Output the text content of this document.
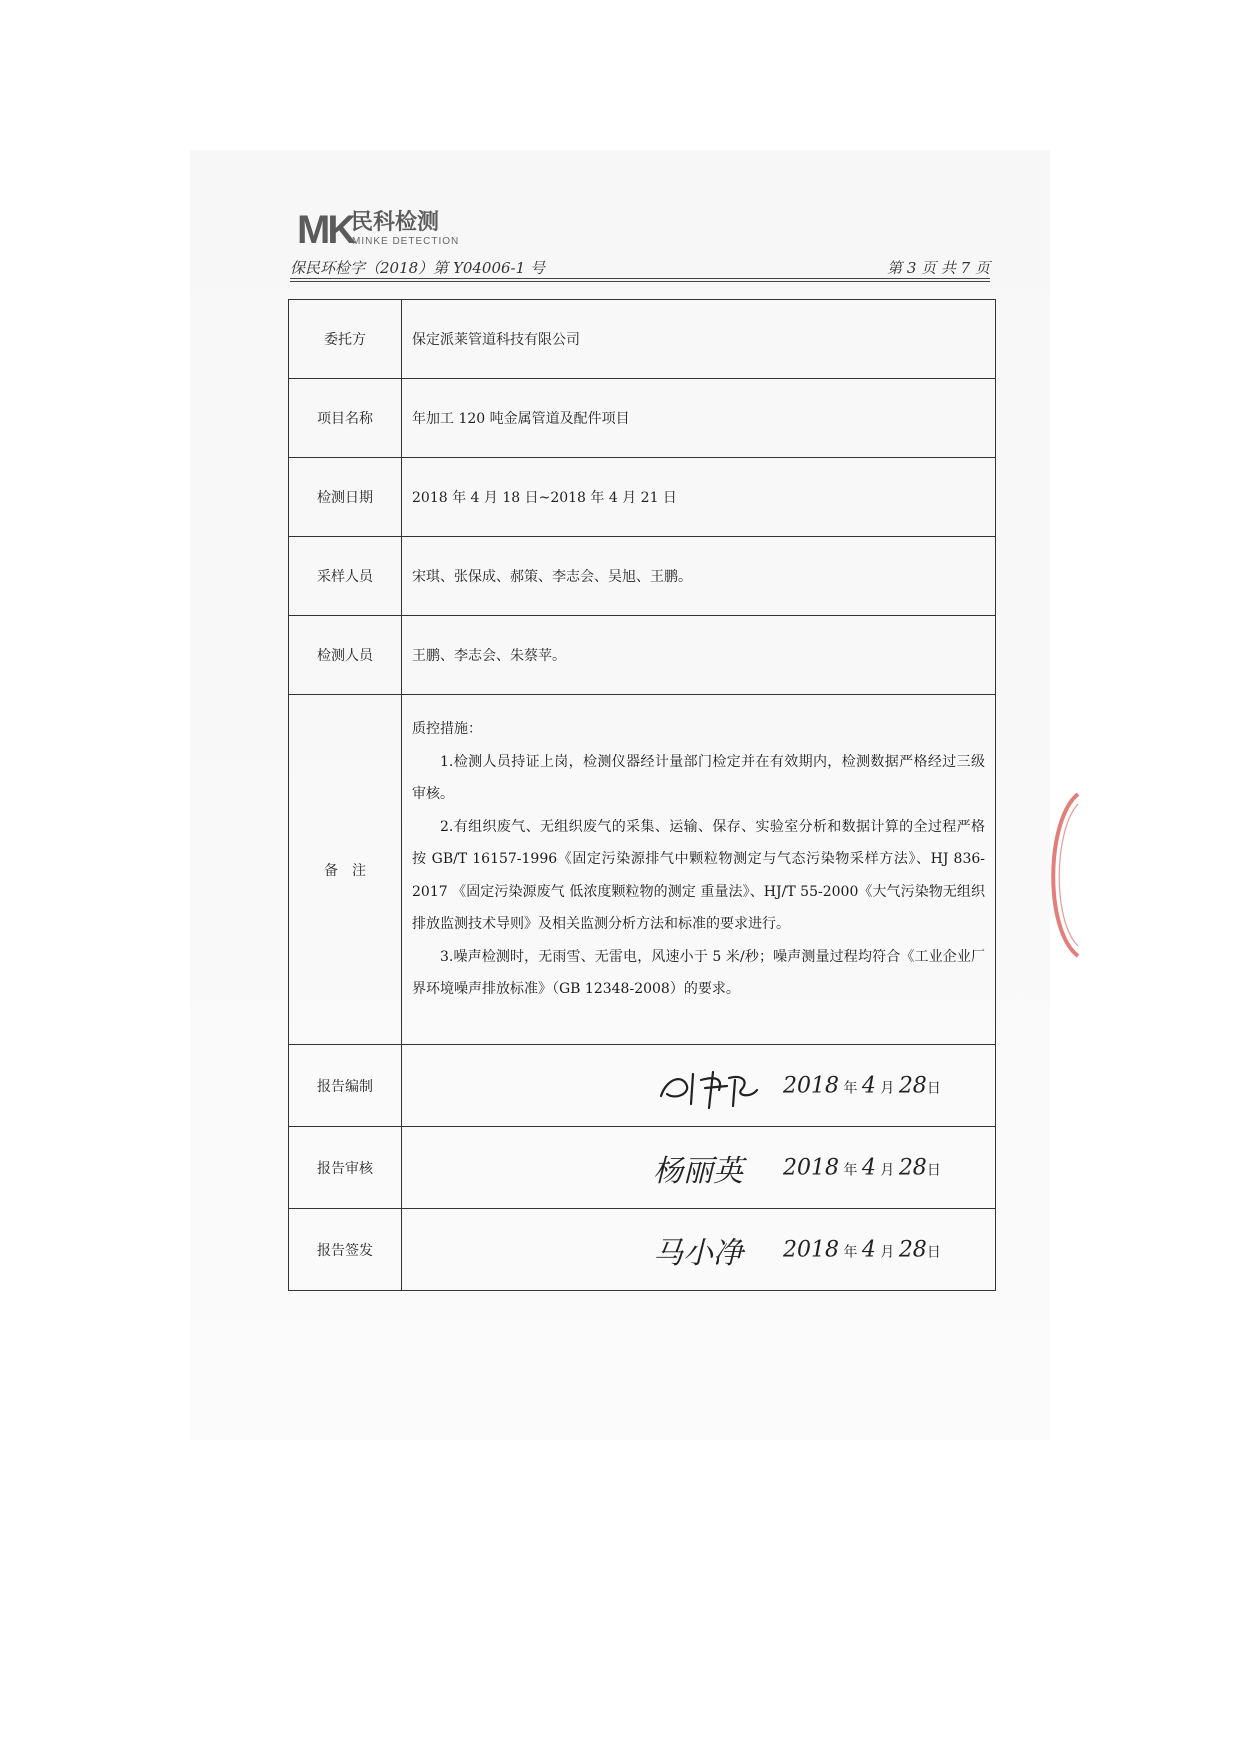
MK
民科检测
MINKE DETECTION
保民环检字（2018）第 Y04006-1 号	第 3 页 共 7 页
委托方	保定派莱管道科技有限公司
项目名称	年加工 120 吨金属管道及配件项目
检测日期	2018 年 4 月 18 日~2018 年 4 月 21 日
采样人员	宋琪、张保成、郝策、李志会、吴旭、王鹏。
检测人员	王鹏、李志会、朱蔡苹。
备　注	质控措施：

1.检测人员持证上岗，检测仪器经计量部门检定并在有效期内，检测数据严格经过三级审核。

2.有组织废气、无组织废气的采集、运输、保存、实验室分析和数据计算的全过程严格按 GB/T 16157-1996《固定污染源排气中颗粒物测定与气态污染物采样方法》、HJ 836-2017 《固定污染源废气 低浓度颗粒物的测定 重量法》、HJ/T 55-2000《大气污染物无组织排放监测技术导则》及相关监测分析方法和标准的要求进行。

3.噪声检测时，无雨雪、无雷电，风速小于 5 米/秒；噪声测量过程均符合《工业企业厂界环境噪声排放标准》（GB 12348-2008）的要求。

报告编制	2018 年 4 月 28日

报告审核	杨丽英 2018 年 4 月 28日

报告签发	马小净 2018 年 4 月 28日
